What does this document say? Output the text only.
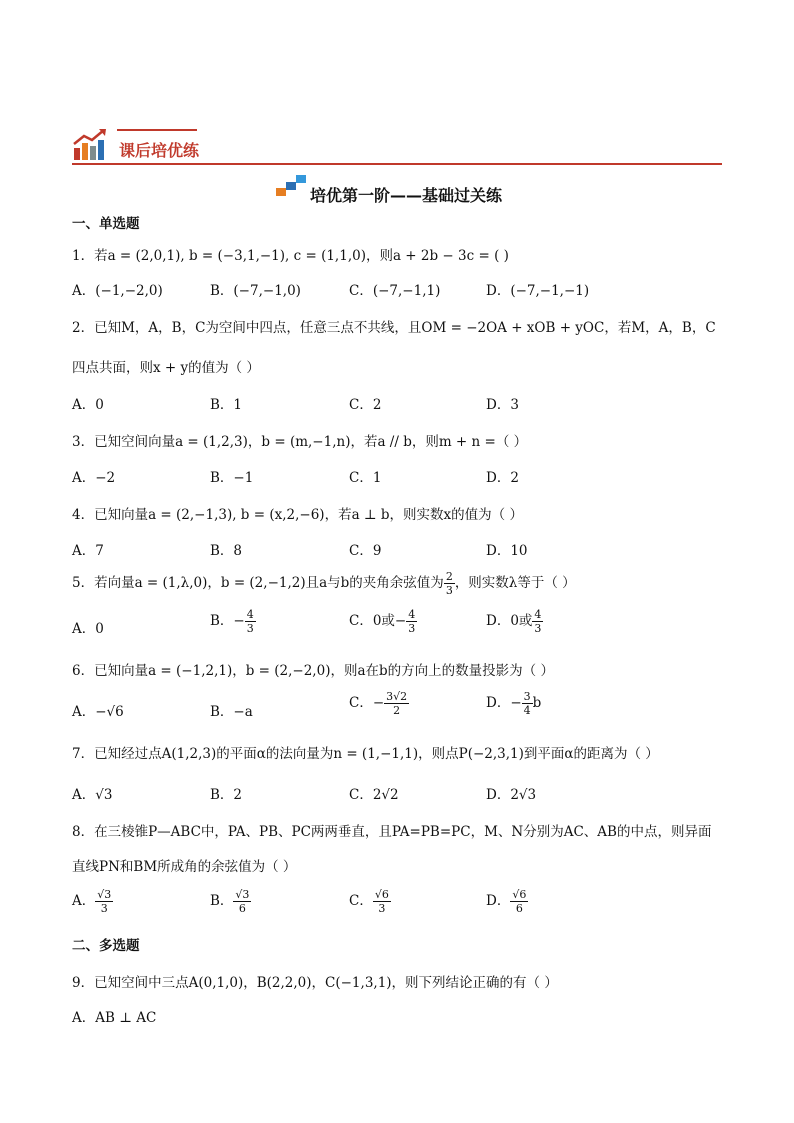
课后培优练
培优第一阶——基础过关练
一、单选题
1．若a = (2,0,1), b = (−3,1,−1), c = (1,1,0)，则a + 2b − 3c = ( )
A．(−1,−2,0)	B．(−7,−1,0)	C．(−7,−1,1)	D．(−7,−1,−1)
2．已知M，A，B，C为空间中四点，任意三点不共线，且OM = −2OA + xOB + yOC，若M，A，B，C
四点共面，则x + y的值为（ ）
A．0	B．1	C．2	D．3
3．已知空间向量a = (1,2,3)，b = (m,−1,n)，若a // b，则m + n =（ ）
A．−2	B．−1	C．1	D．2
4．已知向量a = (2,−1,3), b = (x,2,−6)，若a ⊥ b，则实数x的值为（ ）
A．7	B．8	C．9	D．10
5．若向量a = (1,λ,0)，b = (2,−1,2)且a与b的夹角余弦值为 $\frac{2}{3}$ ，则实数λ等于（ ）
A．0	B．− $\frac{4}{3}$	C．0或− $\frac{4}{3}$	D．0或 $\frac{4}{3}$
6．已知向量a = (−1,2,1)，b = (2,−2,0)，则a在b的方向上的数量投影为（ ）
A．−√6	B．−a
C．− $\frac{3√2}{2}$	D．− $\frac{3}{4}$ b
7．已知经过点A(1,2,3)的平面α的法向量为n = (1,−1,1)，则点P(−2,3,1)到平面α的距离为（ ）
A．√3	B．2	C．2√2	D．2√3
8．在三棱锥P—ABC中，PA、PB、PC两两垂直，且PA=PB=PC，M、N分别为AC、AB的中点，则异面
直线PN和BM所成角的余弦值为（ ）
A． $\frac{√3}{3}$	B． $\frac{√3}{6}$	C． $\frac{√6}{3}$	D． $\frac{√6}{6}$
二、多选题
9．已知空间中三点A(0,1,0)，B(2,2,0)，C(−1,3,1)，则下列结论正确的有（ ）
A．AB ⊥ AC
